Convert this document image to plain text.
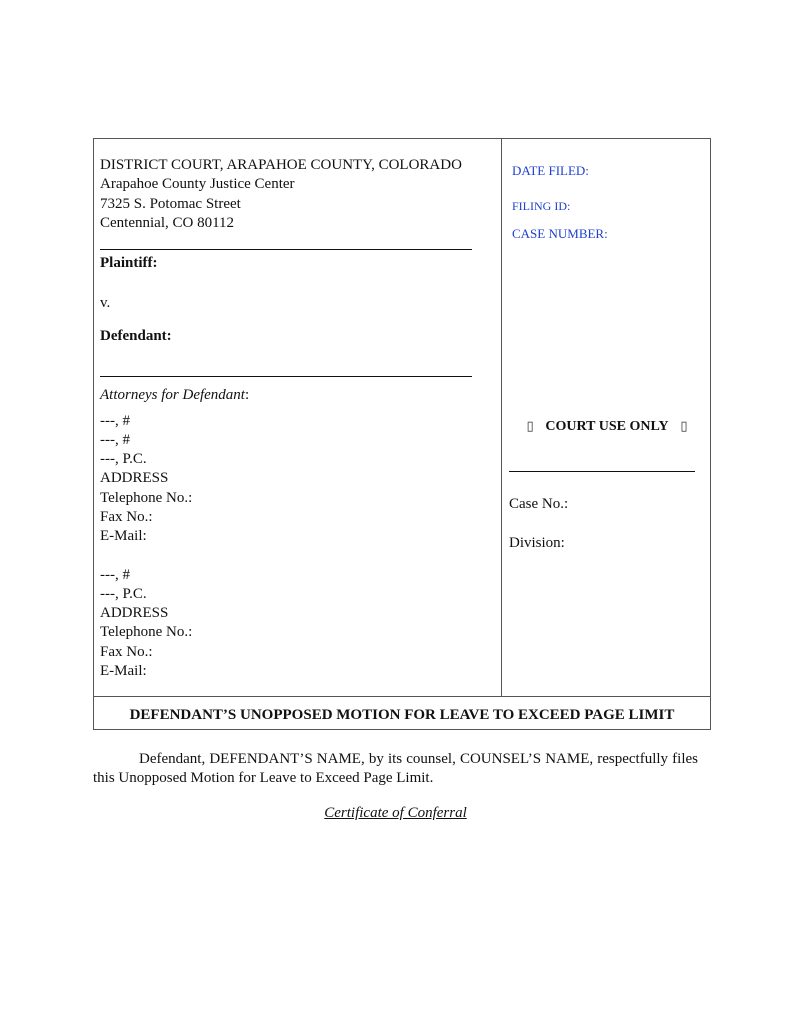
DISTRICT COURT, ARAPAHOE COUNTY, COLORADO
Arapahoe County Justice Center
7325 S. Potomac Street
Centennial, CO 80112
Plaintiff:
v.
Defendant:
Attorneys for Defendant:
---, #
---, #
---, P.C.
ADDRESS
Telephone No.:
Fax No.:
E-Mail:
---, #
---, P.C.
ADDRESS
Telephone No.:
Fax No.:
E-Mail:
DATE FILED:
FILING ID:
CASE NUMBER:
▯ COURT USE ONLY ▯
Case No.:
Division:
DEFENDANT’S UNOPPOSED MOTION FOR LEAVE TO EXCEED PAGE LIMIT
Defendant, DEFENDANT’S NAME, by its counsel, COUNSEL’S NAME, respectfully files this Unopposed Motion for Leave to Exceed Page Limit.
Certificate of Conferral
